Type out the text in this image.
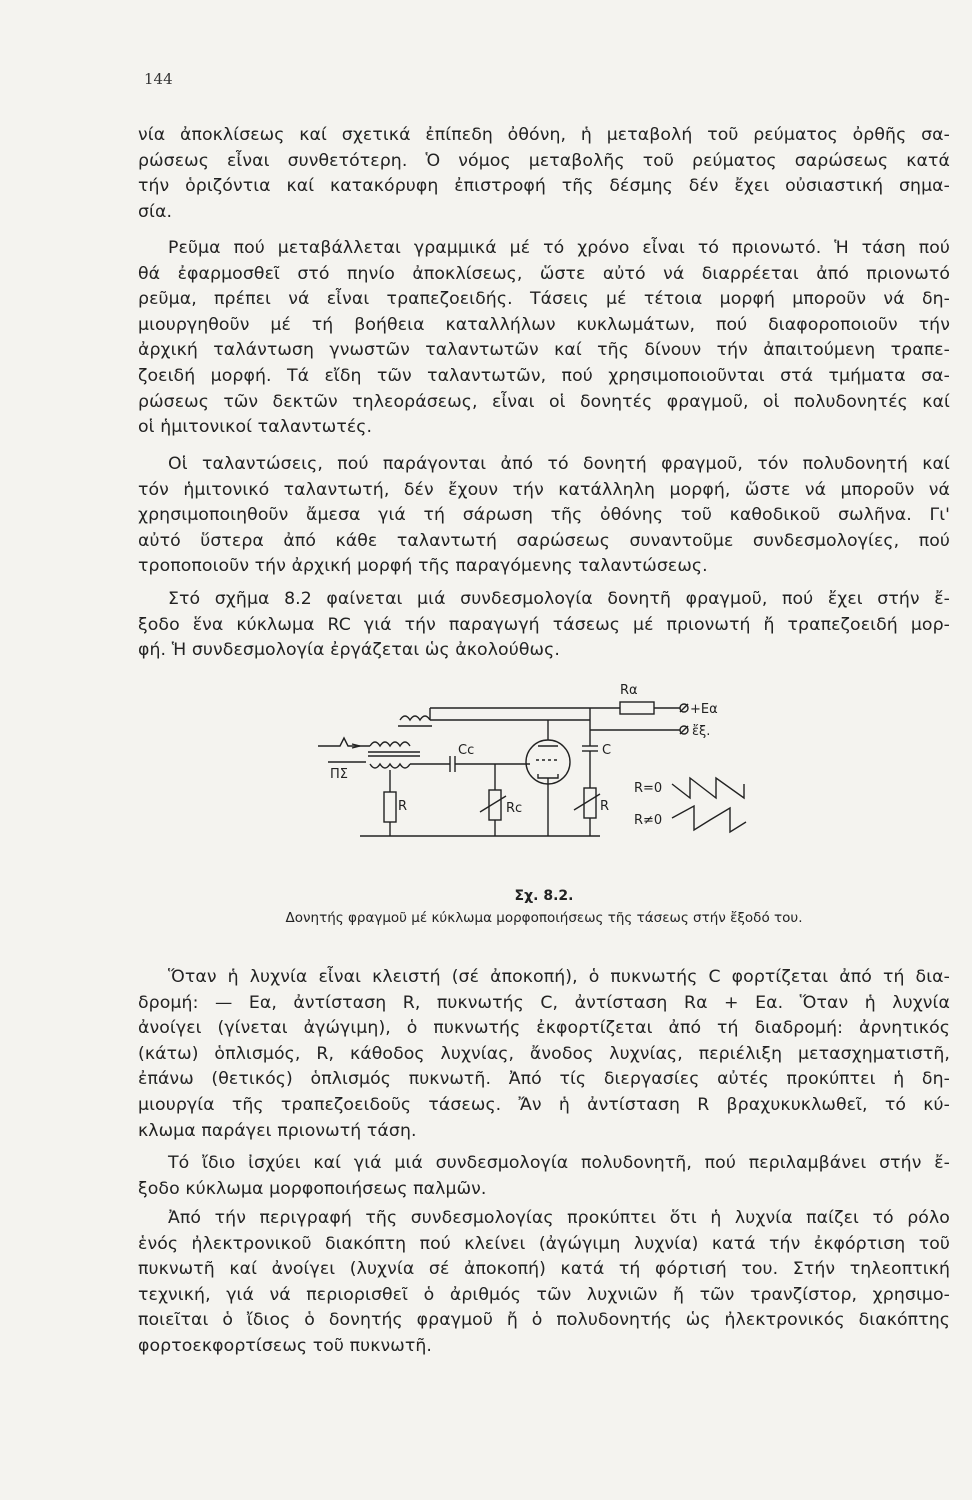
144
νία ἀποκλίσεως καί σχετικά ἐπίπεδη ὀθόνη, ἡ μεταβολή τοῦ ρεύματος ὀρθῆς σα-
ρώσεως εἶναι συνθετότερη. Ὁ νόμος μεταβολῆς τοῦ ρεύματος σαρώσεως κατά
τήν ὁριζόντια καί κατακόρυφη ἐπιστροφή τῆς δέσμης δέν ἔχει οὐσιαστική σημα-
σία.
Ρεῦμα πού μεταβάλλεται γραμμικά μέ τό χρόνο εἶναι τό πριονωτό. Ἡ τάση πού
θά ἐφαρμοσθεῖ στό πηνίο ἀποκλίσεως, ὥστε αὐτό νά διαρρέεται ἀπό πριονωτό
ρεῦμα, πρέπει νά εἶναι τραπεζοειδής. Τάσεις μέ τέτοια μορφή μποροῦν νά δη-
μιουργηθοῦν μέ τή βοήθεια καταλλήλων κυκλωμάτων, πού διαφοροποιοῦν τήν
ἀρχική ταλάντωση γνωστῶν ταλαντωτῶν καί τῆς δίνουν τήν ἀπαιτούμενη τραπε-
ζοειδή μορφή. Τά εἴδη τῶν ταλαντωτῶν, πού χρησιμοποιοῦνται στά τμήματα σα-
ρώσεως τῶν δεκτῶν τηλεοράσεως, εἶναι οἱ δονητές φραγμοῦ, οἱ πολυδονητές καί
οἱ ἡμιτονικοί ταλαντωτές.
Οἱ ταλαντώσεις, πού παράγονται ἀπό τό δονητή φραγμοῦ, τόν πολυδονητή καί
τόν ἡμιτονικό ταλαντωτή, δέν ἔχουν τήν κατάλληλη μορφή, ὥστε νά μποροῦν νά
χρησιμοποιηθοῦν ἄμεσα γιά τή σάρωση τῆς ὀθόνης τοῦ καθοδικοῦ σωλῆνα. Γι'
αὐτό ὕστερα ἀπό κάθε ταλαντωτή σαρώσεως συναντοῦμε συνδεσμολογίες, πού
τροποποιοῦν τήν ἀρχική μορφή τῆς παραγόμενης ταλαντώσεως.
Στό σχῆμα 8.2 φαίνεται μιά συνδεσμολογία δονητῆ φραγμοῦ, πού ἔχει στήν ἔ-
ξοδο ἕνα κύκλωμα RC γιά τήν παραγωγή τάσεως μέ πριονωτή ἤ τραπεζοειδή μορ-
φή. Ἡ συνδεσμολογία ἐργάζεται ὡς ἀκολούθως.
ΠΣ
Cc
Rα
+Eα
C
ἔξ.
R	Rc	R
R=0
R≠0
Σχ. 8.2.
Δονητής φραγμοῦ μέ κύκλωμα μορφοποιήσεως τῆς τάσεως στήν ἔξοδό του.
Ὅταν ἡ λυχνία εἶναι κλειστή (σέ ἀποκοπή), ὁ πυκνωτής C φορτίζεται ἀπό τή δια-
δρομή: — Eα, ἀντίσταση R, πυκνωτής C, ἀντίσταση Rα + Eα. Ὅταν ἡ λυχνία
ἀνοίγει (γίνεται ἀγώγιμη), ὁ πυκνωτής ἐκφορτίζεται ἀπό τή διαδρομή: ἀρνητικός
(κάτω) ὁπλισμός, R, κάθοδος λυχνίας, ἄνοδος λυχνίας, περιέλιξη μετασχηματιστῆ,
ἐπάνω (θετικός) ὁπλισμός πυκνωτῆ. Ἀπό τίς διεργασίες αὐτές προκύπτει ἡ δη-
μιουργία τῆς τραπεζοειδοῦς τάσεως. Ἄν ἡ ἀντίσταση R βραχυκυκλωθεῖ, τό κύ-
κλωμα παράγει πριονωτή τάση.
Τό ἴδιο ἰσχύει καί γιά μιά συνδεσμολογία πολυδονητῆ, πού περιλαμβάνει στήν ἔ-
ξοδο κύκλωμα μορφοποιήσεως παλμῶν.
Ἀπό τήν περιγραφή τῆς συνδεσμολογίας προκύπτει ὅτι ἡ λυχνία παίζει τό ρόλο
ἑνός ἠλεκτρονικοῦ διακόπτη πού κλείνει (ἀγώγιμη λυχνία) κατά τήν ἐκφόρτιση τοῦ
πυκνωτῆ καί ἀνοίγει (λυχνία σέ ἀποκοπή) κατά τή φόρτισή του. Στήν τηλεοπτική
τεχνική, γιά νά περιορισθεῖ ὁ ἀριθμός τῶν λυχνιῶν ἤ τῶν τρανζίστορ, χρησιμο-
ποιεῖται ὁ ἴδιος ὁ δονητής φραγμοῦ ἤ ὁ πολυδονητής ὡς ἠλεκτρονικός διακόπτης
φορτοεκφορτίσεως τοῦ πυκνωτῆ.
